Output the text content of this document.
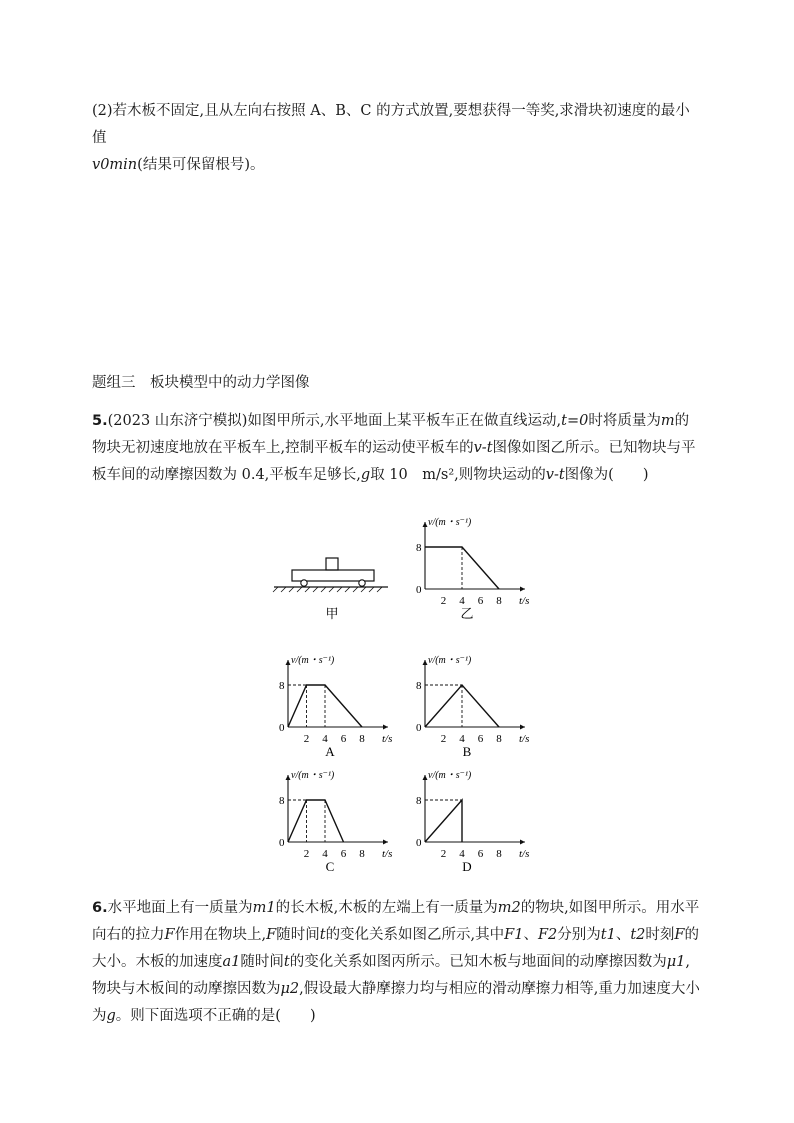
(2)若木板不固定,且从左向右按照 A、B、C 的方式放置,要想获得一等奖,求滑块初速度的最小值
v0min(结果可保留根号)。

题组三　板块模型中的动力学图像

5.(2023 山东济宁模拟)如图甲所示,水平地面上某平板车正在做直线运动,t=0时将质量为m的物块无初速度地放在平板车上,控制平板车的运动使平板车的v-t图像如图乙所示。已知物块与平板车间的动摩擦因数为 0.4,平板车足够长,g取 10　m/s²,则物块运动的v-t图像为(　　)

甲
v/(m・s⁻¹)
t/s
0
8
2 4 6 8
乙
v/(m・s⁻¹)
t/s
0
8
2 4 6 8
A
v/(m・s⁻¹)
t/s
0
8
2 4 6 8
B
v/(m・s⁻¹)
t/s
0
8
2 4 6 8
C
v/(m・s⁻¹)
t/s
0
8
2 4 6 8
D

6.水平地面上有一质量为m1的长木板,木板的左端上有一质量为m2的物块,如图甲所示。用水平向右的拉力F作用在物块上,F随时间t的变化关系如图乙所示,其中F1、F2分别为t1、t2时刻F的大小。木板的加速度a1随时间t的变化关系如图丙所示。已知木板与地面间的动摩擦因数为μ1,物块与木板间的动摩擦因数为μ2,假设最大静摩擦力均与相应的滑动摩擦力相等,重力加速度大小为g。则下面选项不正确的是(　　)
